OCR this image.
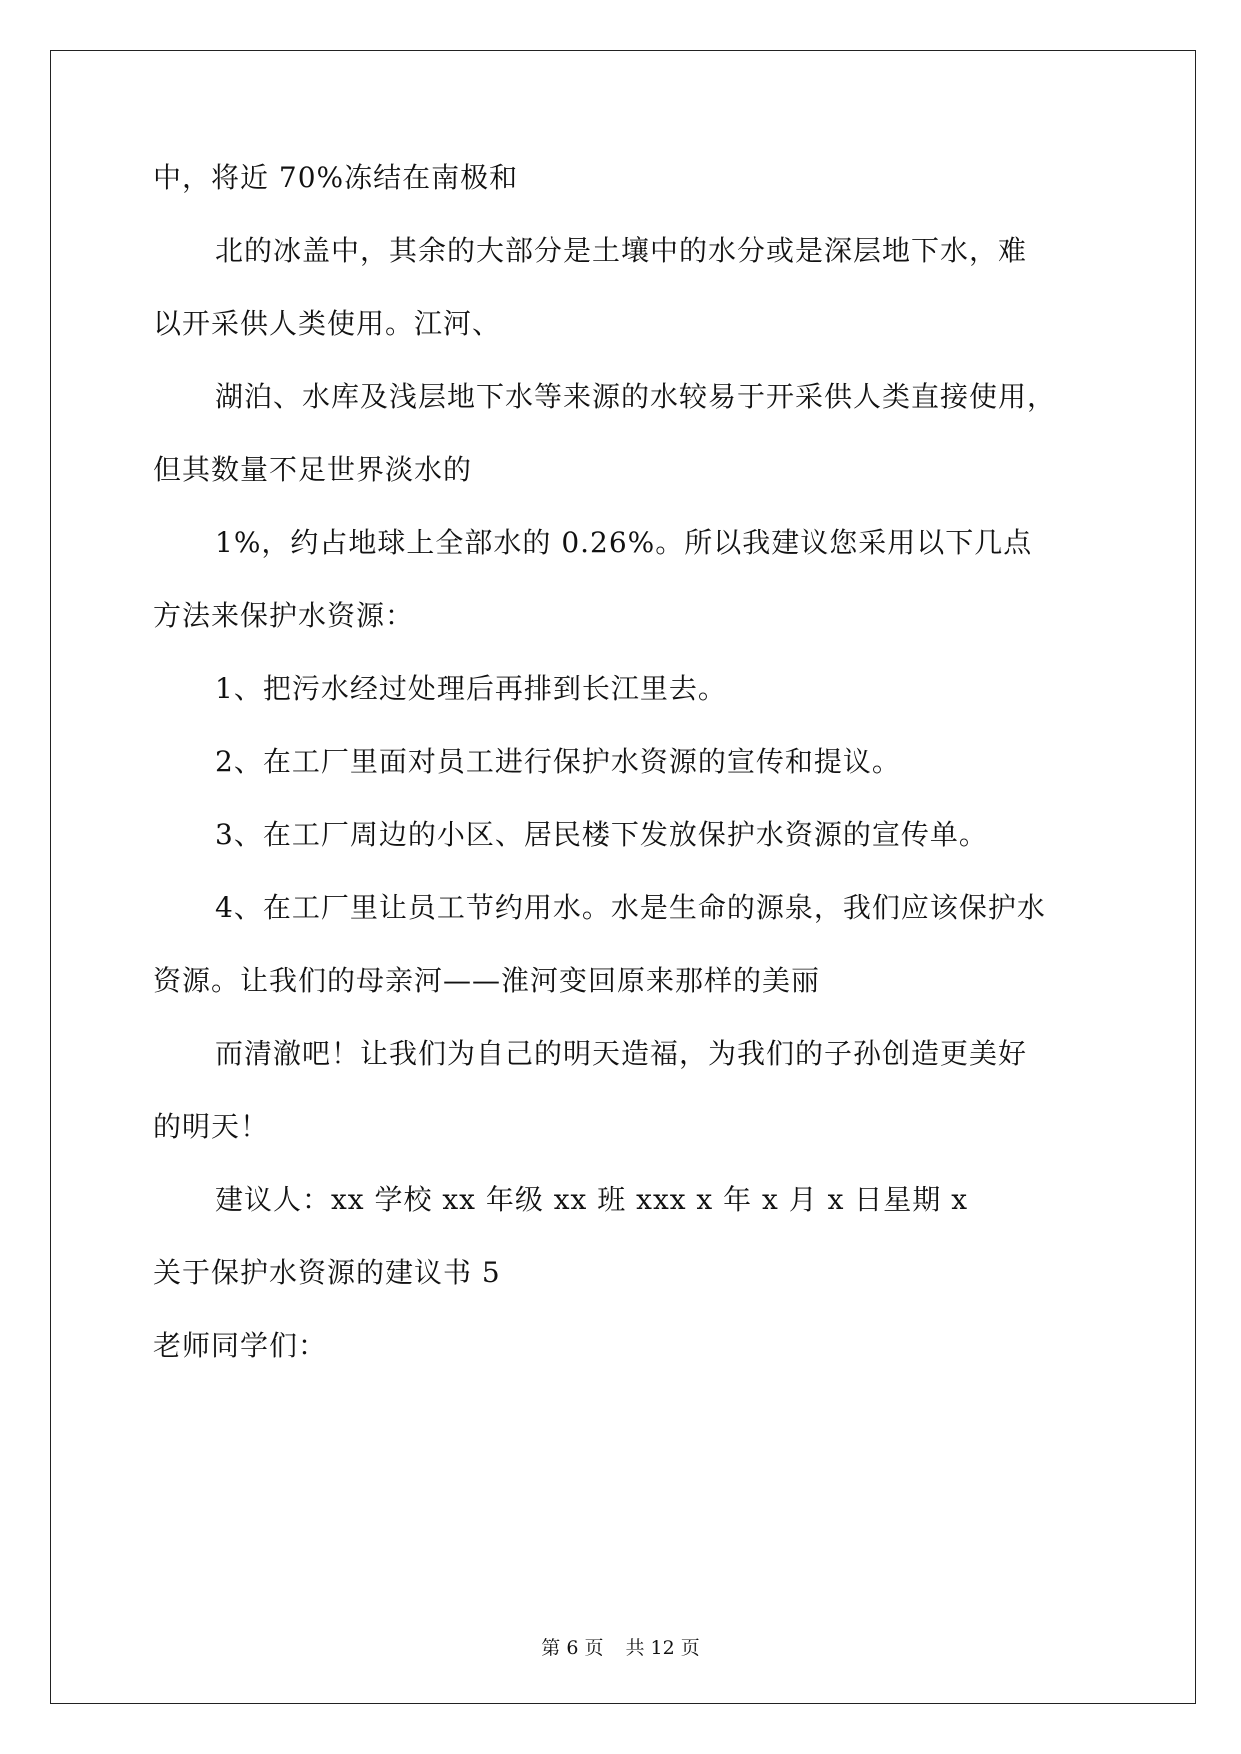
中，将近 70%冻结在南极和
北的冰盖中，其余的大部分是土壤中的水分或是深层地下水，难
以开采供人类使用。江河、
湖泊、水库及浅层地下水等来源的水较易于开采供人类直接使用，
但其数量不足世界淡水的
1%，约占地球上全部水的 0.26%。所以我建议您采用以下几点
方法来保护水资源：
1、把污水经过处理后再排到长江里去。
2、在工厂里面对员工进行保护水资源的宣传和提议。
3、在工厂周边的小区、居民楼下发放保护水资源的宣传单。
4、在工厂里让员工节约用水。水是生命的源泉，我们应该保护水
资源。让我们的母亲河——淮河变回原来那样的美丽
而清澈吧！让我们为自己的明天造福，为我们的子孙创造更美好
的明天！
建议人：xx 学校 xx 年级 xx 班 xxx x 年 x 月 x 日星期 x
关于保护水资源的建议书 5
老师同学们：
第 6 页 共 12 页
